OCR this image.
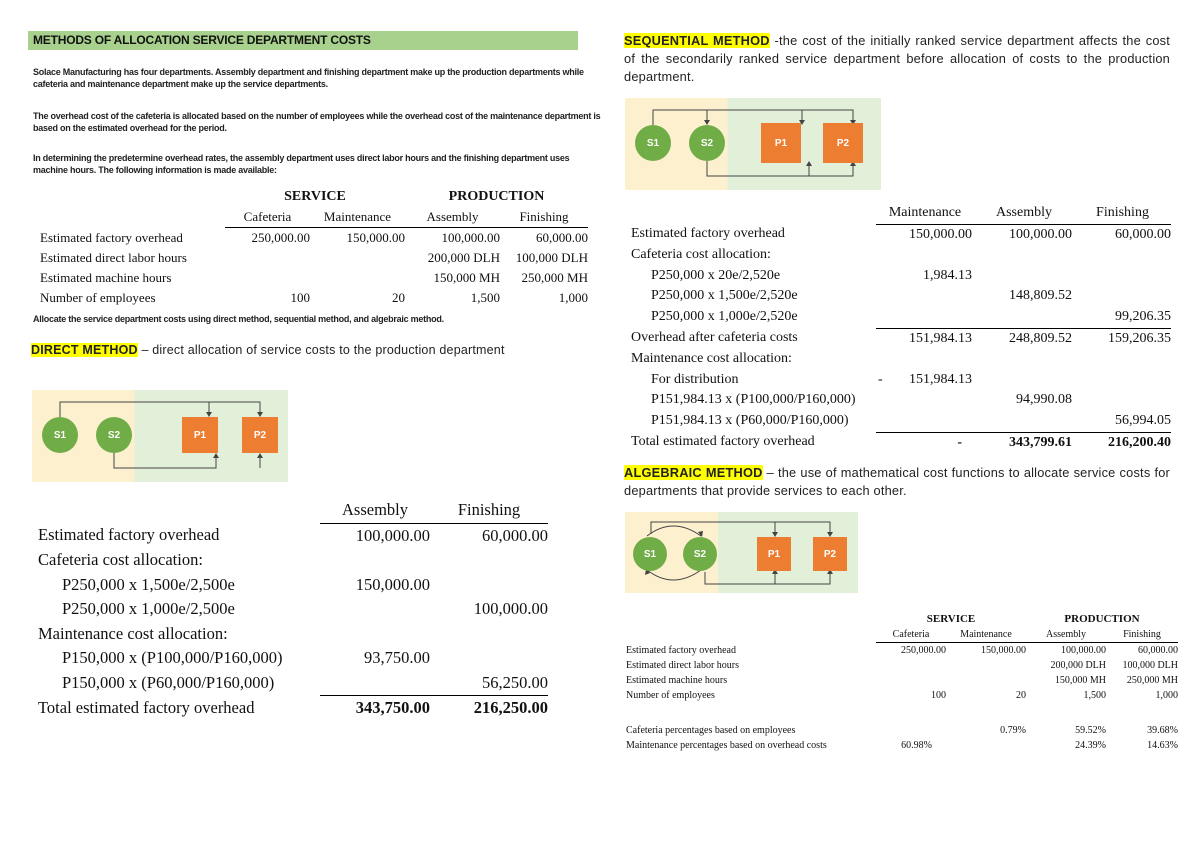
METHODS OF ALLOCATION SERVICE DEPARTMENT COSTS
Solace Manufacturing has four departments. Assembly department and finishing department make up the production departments while cafeteria and maintenance department make up the service departments.
The overhead cost of the cafeteria is allocated based on the number of employees while the overhead cost of the maintenance department is based on the estimated overhead for the period.
In determining the predetermine overhead rates, the assembly department uses direct labor hours and the finishing department uses machine hours. The following information is made available:
	SERVICE		PRODUCTION	
	Cafeteria	Maintenance	Assembly	Finishing
Estimated factory overhead	250,000.00	150,000.00	100,000.00	60,000.00
Estimated direct labor hours			200,000 DLH	100,000 DLH
Estimated machine hours			150,000 MH	250,000 MH
Number of employees	100	20	1,500	1,000
Allocate the service department costs using direct method, sequential method, and algebraic method.
DIRECT METHOD – direct allocation of service costs to the production department
S1	S2	P1	P2
	Assembly	Finishing
Estimated factory overhead	100,000.00	60,000.00
Cafeteria cost allocation:		
P250,000 x 1,500e/2,500e	150,000.00	
P250,000 x 1,000e/2,500e		100,000.00
Maintenance cost allocation:		
P150,000 x (P100,000/P160,000)	93,750.00	
P150,000 x (P60,000/P160,000)		56,250.00
Total estimated factory overhead	343,750.00	216,250.00
SEQUENTIAL METHOD -the cost of the initially ranked service department affects the cost of the secondarily ranked service department before allocation of costs to the production department.
S1	S2	P1	P2
	Maintenance	Assembly	Finishing
Estimated factory overhead	150,000.00	100,000.00	60,000.00
Cafeteria cost allocation:			
P250,000 x 20e/2,520e	1,984.13		
P250,000 x 1,500e/2,520e		148,809.52	
P250,000 x 1,000e/2,520e			99,206.35
Overhead after cafeteria costs	151,984.13	248,809.52	159,206.35
Maintenance cost allocation:			
For distribution	- 151,984.13		
P151,984.13 x (P100,000/P160,000)		94,990.08	
P151,984.13 x (P60,000/P160,000)			56,994.05
Total estimated factory overhead	-	343,799.61	216,200.40
ALGEBRAIC METHOD – the use of mathematical cost functions to allocate service costs for departments that provide services to each other.
S1	S2	P1	P2
	SERVICE		PRODUCTION	
	Cafeteria	Maintenance	Assembly	Finishing
Estimated factory overhead	250,000.00	150,000.00	100,000.00	60,000.00
Estimated direct labor hours			200,000 DLH	100,000 DLH
Estimated machine hours			150,000 MH	250,000 MH
Number of employees	100	20	1,500	1,000

Cafeteria percentages based on employees		0.79%	59.52%	39.68%
Maintenance percentages based on overhead costs	60.98%		24.39%	14.63%
